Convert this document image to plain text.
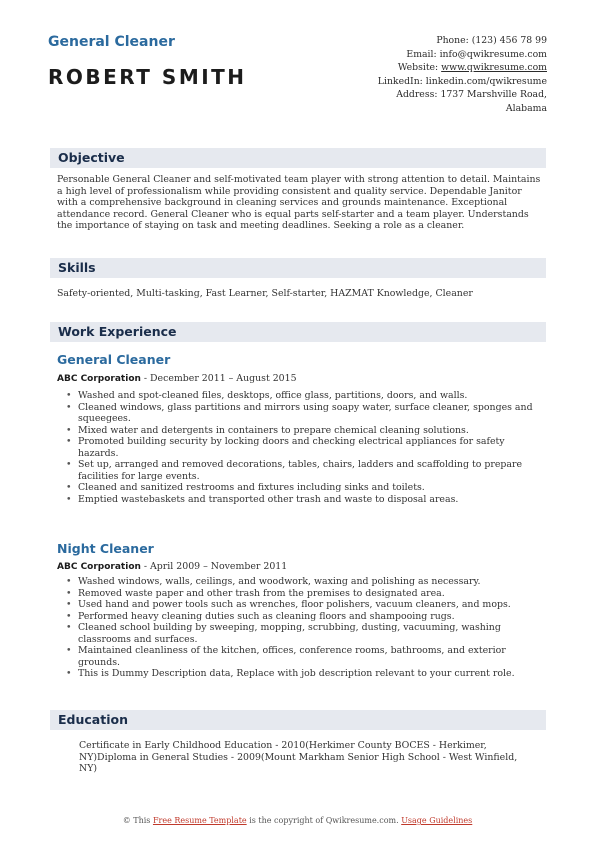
General Cleaner
ROBERT SMITH
Phone: (123) 456 78 99
Email: info@qwikresume.com
Website: www.qwikresume.com
LinkedIn: linkedin.com/qwikresume
Address: 1737 Marshville Road,
Alabama
Objective
Personable General Cleaner and self-motivated team player with strong attention to detail. Maintains a high level of professionalism while providing consistent and quality service. Dependable Janitor with a comprehensive background in cleaning services and grounds maintenance. Exceptional attendance record. General Cleaner who is equal parts self-starter and a team player. Understands the importance of staying on task and meeting deadlines. Seeking a role as a cleaner.
Skills
Safety-oriented, Multi-tasking, Fast Learner, Self-starter, HAZMAT Knowledge, Cleaner
Work Experience
General Cleaner
ABC Corporation - December 2011 – August 2015
• Washed and spot-cleaned files, desktops, office glass, partitions, doors, and walls.
• Cleaned windows, glass partitions and mirrors using soapy water, surface cleaner, sponges and squeegees.
• Mixed water and detergents in containers to prepare chemical cleaning solutions.
• Promoted building security by locking doors and checking electrical appliances for safety hazards.
• Set up, arranged and removed decorations, tables, chairs, ladders and scaffolding to prepare facilities for large events.
• Cleaned and sanitized restrooms and fixtures including sinks and toilets.
• Emptied wastebaskets and transported other trash and waste to disposal areas.
Night Cleaner
ABC Corporation - April 2009 – November 2011
• Washed windows, walls, ceilings, and woodwork, waxing and polishing as necessary.
• Removed waste paper and other trash from the premises to designated area.
• Used hand and power tools such as wrenches, floor polishers, vacuum cleaners, and mops.
• Performed heavy cleaning duties such as cleaning floors and shampooing rugs.
• Cleaned school building by sweeping, mopping, scrubbing, dusting, vacuuming, washing classrooms and surfaces.
• Maintained cleanliness of the kitchen, offices, conference rooms, bathrooms, and exterior grounds.
• This is Dummy Description data, Replace with job description relevant to your current role.
Education
Certificate in Early Childhood Education - 2010(Herkimer County BOCES - Herkimer, NY)Diploma in General Studies - 2009(Mount Markham Senior High School - West Winfield, NY)
© This Free Resume Template is the copyright of Qwikresume.com. Usage Guidelines
